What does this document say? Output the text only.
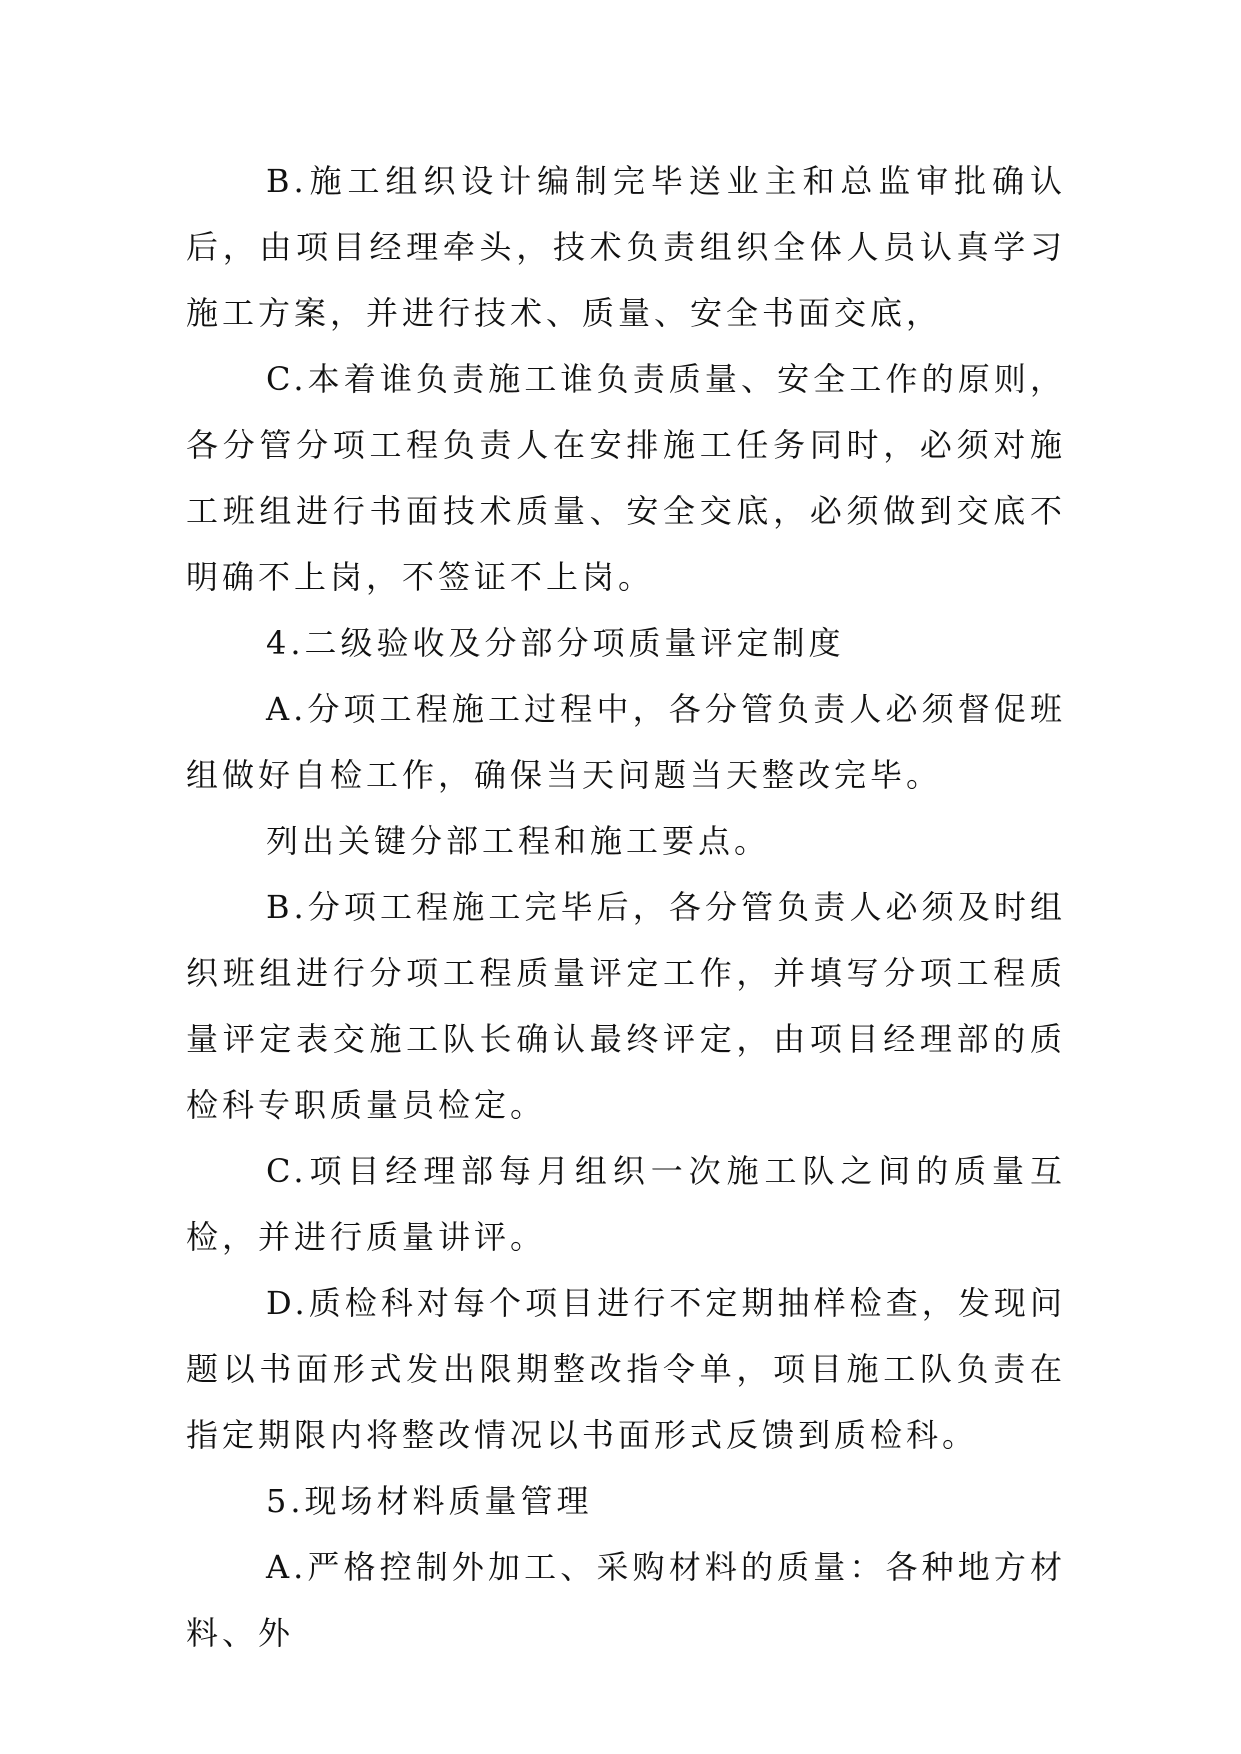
B.施工组织设计编制完毕送业主和总监审批确认后，由项目经理牵头，技术负责组织全体人员认真学习施工方案，并进行技术、质量、安全书面交底，

C.本着谁负责施工谁负责质量、安全工作的原则，各分管分项工程负责人在安排施工任务同时，必须对施工班组进行书面技术质量、安全交底，必须做到交底不明确不上岗，不签证不上岗。

4.二级验收及分部分项质量评定制度

A.分项工程施工过程中，各分管负责人必须督促班组做好自检工作，确保当天问题当天整改完毕。

列出关键分部工程和施工要点。

B.分项工程施工完毕后，各分管负责人必须及时组织班组进行分项工程质量评定工作，并填写分项工程质量评定表交施工队长确认最终评定，由项目经理部的质检科专职质量员检定。

C.项目经理部每月组织一次施工队之间的质量互检，并进行质量讲评。

D.质检科对每个项目进行不定期抽样检查，发现问题以书面形式发出限期整改指令单，项目施工队负责在指定期限内将整改情况以书面形式反馈到质检科。

5.现场材料质量管理

A.严格控制外加工、采购材料的质量：各种地方材料、外
